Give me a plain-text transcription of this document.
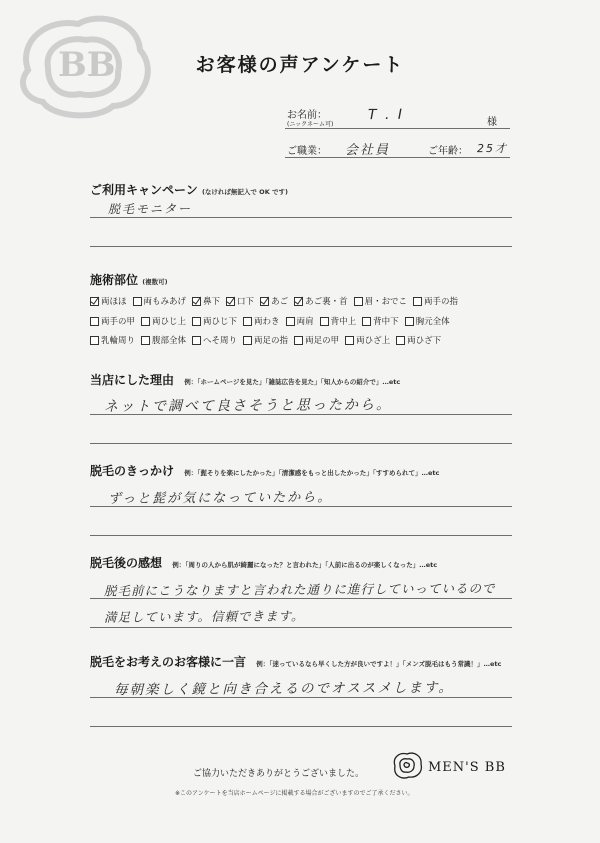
BB	お客様の声アンケート
お名前：
(ニックネーム可)
T . I	様
ご職業： 会社員	ご年齢： 25才
ご利用キャンペーン (なければ無記入で OK です)
脱毛モニター
施術部位 (複数可)
両ほほ 両もみあげ 鼻下 口下 あご あご裏・首 眉・おでこ 両手の指
両手の甲 両ひじ上 両ひじ下 両わき 両肩 背中上 背中下 胸元全体
乳輪周り 腹部全体 へそ周り 両足の指 両足の甲 両ひざ上 両ひざ下
当店にした理由 例：「ホームページを見た」「雑誌広告を見た」「知人からの紹介で」…etc
ネットで調べて良さそうと思ったから。
脱毛のきっかけ 例：「髭そりを楽にしたかった」「清潔感をもっと出したかった」「すすめられて」…etc
ずっと髭が気になっていたから。
脱毛後の感想 例：「周りの人から肌が綺麗になった？と言われた」「人前に出るのが楽しくなった」…etc
脱毛前にこうなりますと言われた通りに進行していっているので
満足しています。信頼できます。
脱毛をお考えのお客様に一言 例：「迷っているなら早くした方が良いですよ！」「メンズ脱毛はもう常識！」…etc
毎朝楽しく鏡と向き合えるのでオススメします。
ご協力いただきありがとうございました。	MEN'S BB
※このアンケートを当店ホームページに掲載する場合がございますのでご了承ください。
